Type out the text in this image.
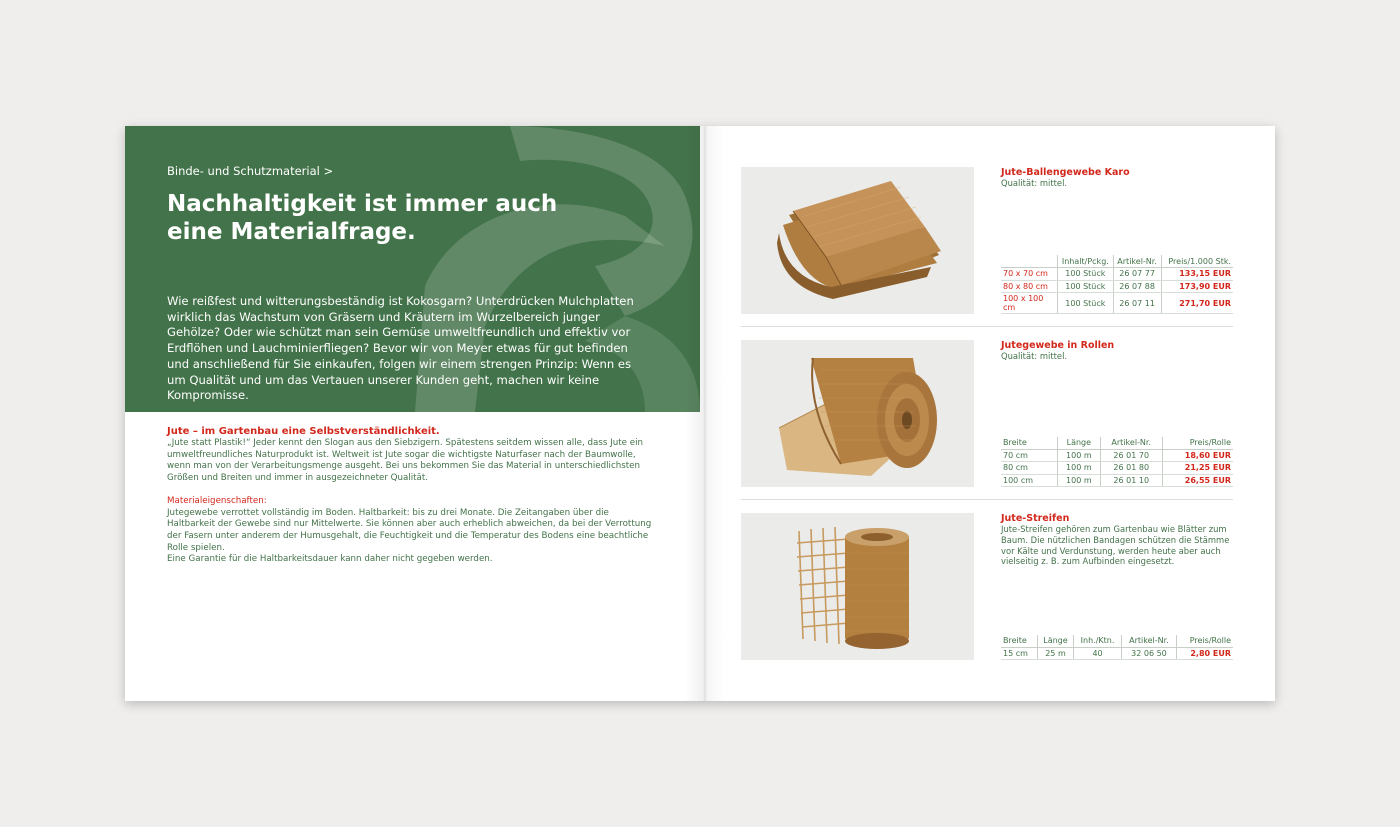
Binde- und Schutzmaterial >
Nachhaltigkeit ist immer auch
eine Materialfrage.

Wie reißfest und witterungsbeständig ist Kokosgarn? Unterdrücken Mulchplatten wirklich das Wachstum von Gräsern und Kräutern im Wurzelbereich junger Gehölze? Oder wie schützt man sein Gemüse umweltfreundlich und effektiv vor Erdflöhen und Lauchminierfliegen? Bevor wir von Meyer etwas für gut befinden und anschließend für Sie einkaufen, folgen wir einem strengen Prinzip: Wenn es um Qualität und um das Vertauen unserer Kunden geht, machen wir keine Kompromisse.

Jute – im Gartenbau eine Selbstverständlichkeit.

„Jute statt Plastik!“ Jeder kennt den Slogan aus den Siebzigern. Spätestens seitdem wissen alle, dass Jute ein umweltfreundliches Naturprodukt ist. Weltweit ist Jute sogar die wichtigste Naturfaser nach der Baumwolle, wenn man von der Verarbeitungsmenge ausgeht. Bei uns bekommen Sie das Material in unterschiedlichsten Größen und Breiten und immer in ausgezeichneter Qualität.

Materialeigenschaften:

Jutegewebe verrottet vollständig im Boden. Haltbarkeit: bis zu drei Monate. Die Zeitangaben über die Haltbarkeit der Gewebe sind nur Mittelwerte. Sie können aber auch erheblich abweichen, da bei der Verrottung der Fasern unter anderem der Humusgehalt, die Feuchtigkeit und die Temperatur des Bodens eine beachtliche Rolle spielen.

Eine Garantie für die Haltbarkeitsdauer kann daher nicht gegeben werden.

Jute-Ballengewebe Karo

Qualität: mittel.

	Inhalt/Pckg.	Artikel-Nr.	Preis/1.000 Stk.
70 x 70 cm	100 Stück	26 07 77	133,15 EUR
80 x 80 cm	100 Stück	26 07 88	173,90 EUR
100 x 100 cm	100 Stück	26 07 11	271,70 EUR

Jutegewebe in Rollen

Qualität: mittel.

Breite	Länge	Artikel-Nr.	Preis/Rolle
70 cm	100 m	26 01 70	18,60 EUR
80 cm	100 m	26 01 80	21,25 EUR
100 cm	100 m	26 01 10	26,55 EUR

Jute-Streifen

Jute-Streifen gehören zum Gartenbau wie Blätter zum Baum. Die nützlichen Bandagen schützen die Stämme vor Kälte und Verdunstung, werden heute aber auch vielseitig z. B. zum Aufbinden eingesetzt.

Breite	Länge	Inh./Ktn.	Artikel-Nr.	Preis/Rolle
15 cm	25 m	40	32 06 50	2,80 EUR
